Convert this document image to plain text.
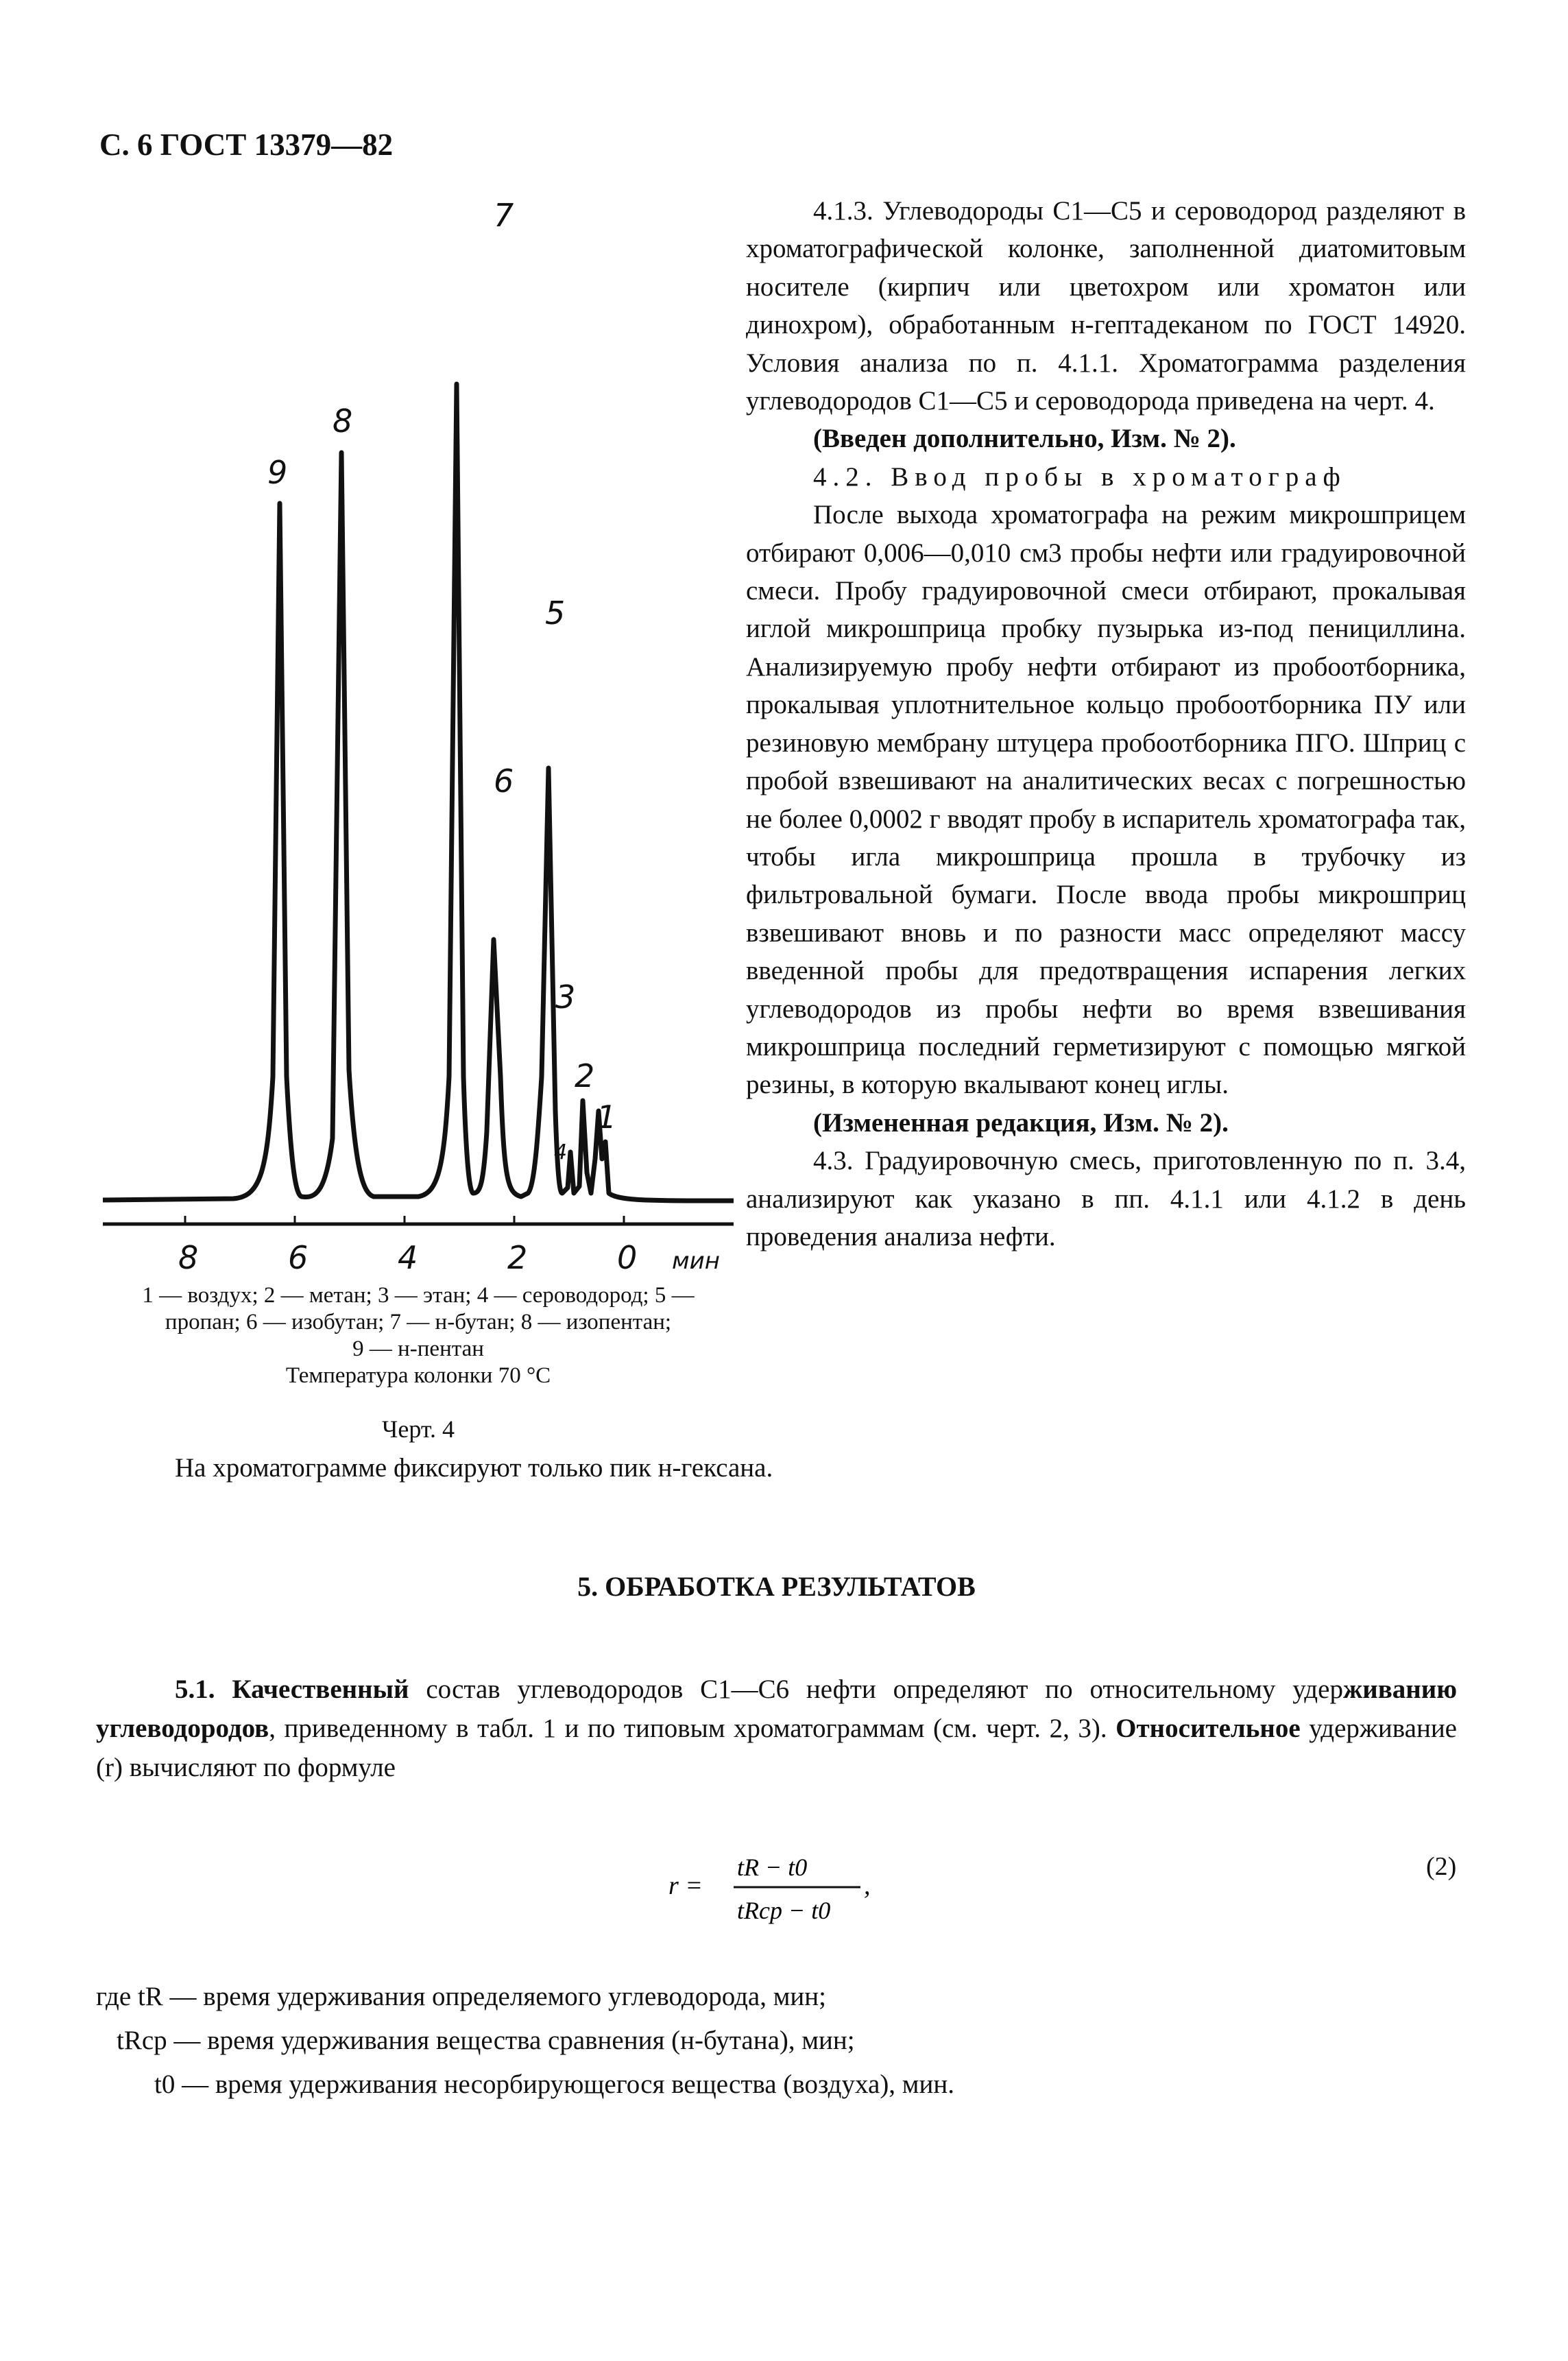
С. 6 ГОСТ 13379—82
8	6	4	2	0 мин
9
8
7
5
6
3
2
1
4
1 — воздух; 2 — метан; 3 — этан; 4 — сероводород; 5 —
пропан; 6 — изобутан; 7 — н-бутан; 8 — изопентан;
9 — н-пентан
Температура колонки 70 °С
Черт. 4

4.1.3. Углеводороды С1—С5 и сероводород разделяют в хроматографической колонке, заполненной диатомитовым носителе (кирпич или цветохром или хроматон или динохром), обработанным н-гептадеканом по ГОСТ 14920. Условия анализа по п. 4.1.1. Хроматограмма разделения углеводородов С1—С5 и сероводорода приведена на черт. 4.

(Введен дополнительно, Изм. № 2).

4.2. Ввод пробы в хроматограф

После выхода хроматографа на режим микрошприцем отбирают 0,006—0,010 см3 пробы нефти или градуировочной смеси. Пробу градуировочной смеси отбирают, прокалывая иглой микрошприца пробку пузырька из-под пенициллина. Анализируемую пробу нефти отбирают из пробоотборника, прокалывая уплотнительное кольцо пробоотборника ПУ или резиновую мембрану штуцера пробоотборника ПГО. Шприц с пробой взвешивают на аналитических весах с погрешностью не более 0,0002 г вводят пробу в испаритель хроматографа так, чтобы игла микрошприца прошла в трубочку из фильтровальной бумаги. После ввода пробы микрошприц взвешивают вновь и по разности масс определяют массу введенной пробы для предотвращения испарения легких углеводородов из пробы нефти во время взвешивания микрошприца последний герметизируют с помощью мягкой резины, в которую вкалывают конец иглы.

(Измененная редакция, Изм. № 2).

4.3. Градуировочную смесь, приготовленную по п. 3.4, анализируют как указано в пп. 4.1.1 или 4.1.2 в день проведения анализа нефти.

На хроматограмме фиксируют только пик н-гексана.
5. ОБРАБОТКА РЕЗУЛЬТАТОВ
5.1. Качественный состав углеводородов С1—С6 нефти определяют по относительному удерживанию углеводородов, приведенному в табл. 1 и по типовым хроматограммам (см. черт. 2, 3). Относительное удерживание (r) вычисляют по формуле
r =
tR − t0
tRср − t0
,
(2)
где tR — время удерживания определяемого углеводорода, мин;
tRср — время удерживания вещества сравнения (н-бутана), мин;
t0 — время удерживания несорбирующегося вещества (воздуха), мин.
